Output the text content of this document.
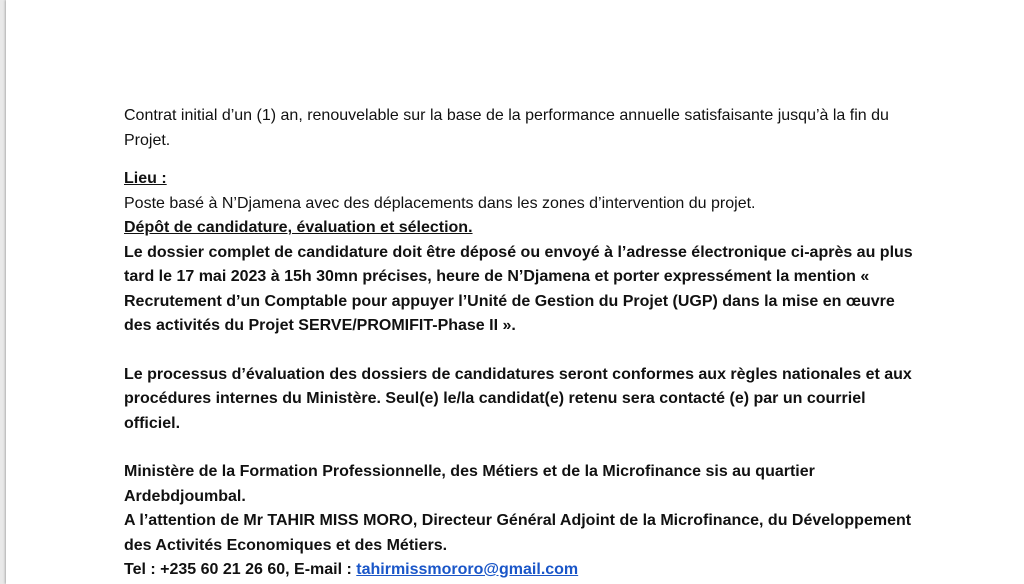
Contrat initial d’un (1) an, renouvelable sur la base de la performance annuelle satisfaisante jusqu’à la fin du Projet.

Lieu :

Poste basé à N’Djamena avec des déplacements dans les zones d’intervention du projet.

Dépôt de candidature, évaluation et sélection.

Le dossier complet de candidature doit être déposé ou envoyé à l’adresse électronique ci-après au plus tard le 17 mai 2023 à 15h 30mn précises, heure de N’Djamena et porter expressément la mention « Recrutement d’un Comptable pour appuyer l’Unité de Gestion du Projet (UGP) dans la mise en œuvre des activités du Projet SERVE/PROMIFIT-Phase II ».

Le processus d’évaluation des dossiers de candidatures seront conformes aux règles nationales et aux procédures internes du Ministère. Seul(e) le/la candidat(e) retenu sera contacté (e) par un courriel officiel.

Ministère de la Formation Professionnelle, des Métiers et de la Microfinance sis au quartier Ardebdjoumbal.

A l’attention de Mr TAHIR MISS MORO, Directeur Général Adjoint de la Microfinance, du Développement des Activités Economiques et des Métiers.

Tel : +235 60 21 26 60, E-mail : tahirmissmororo@gmail.com
